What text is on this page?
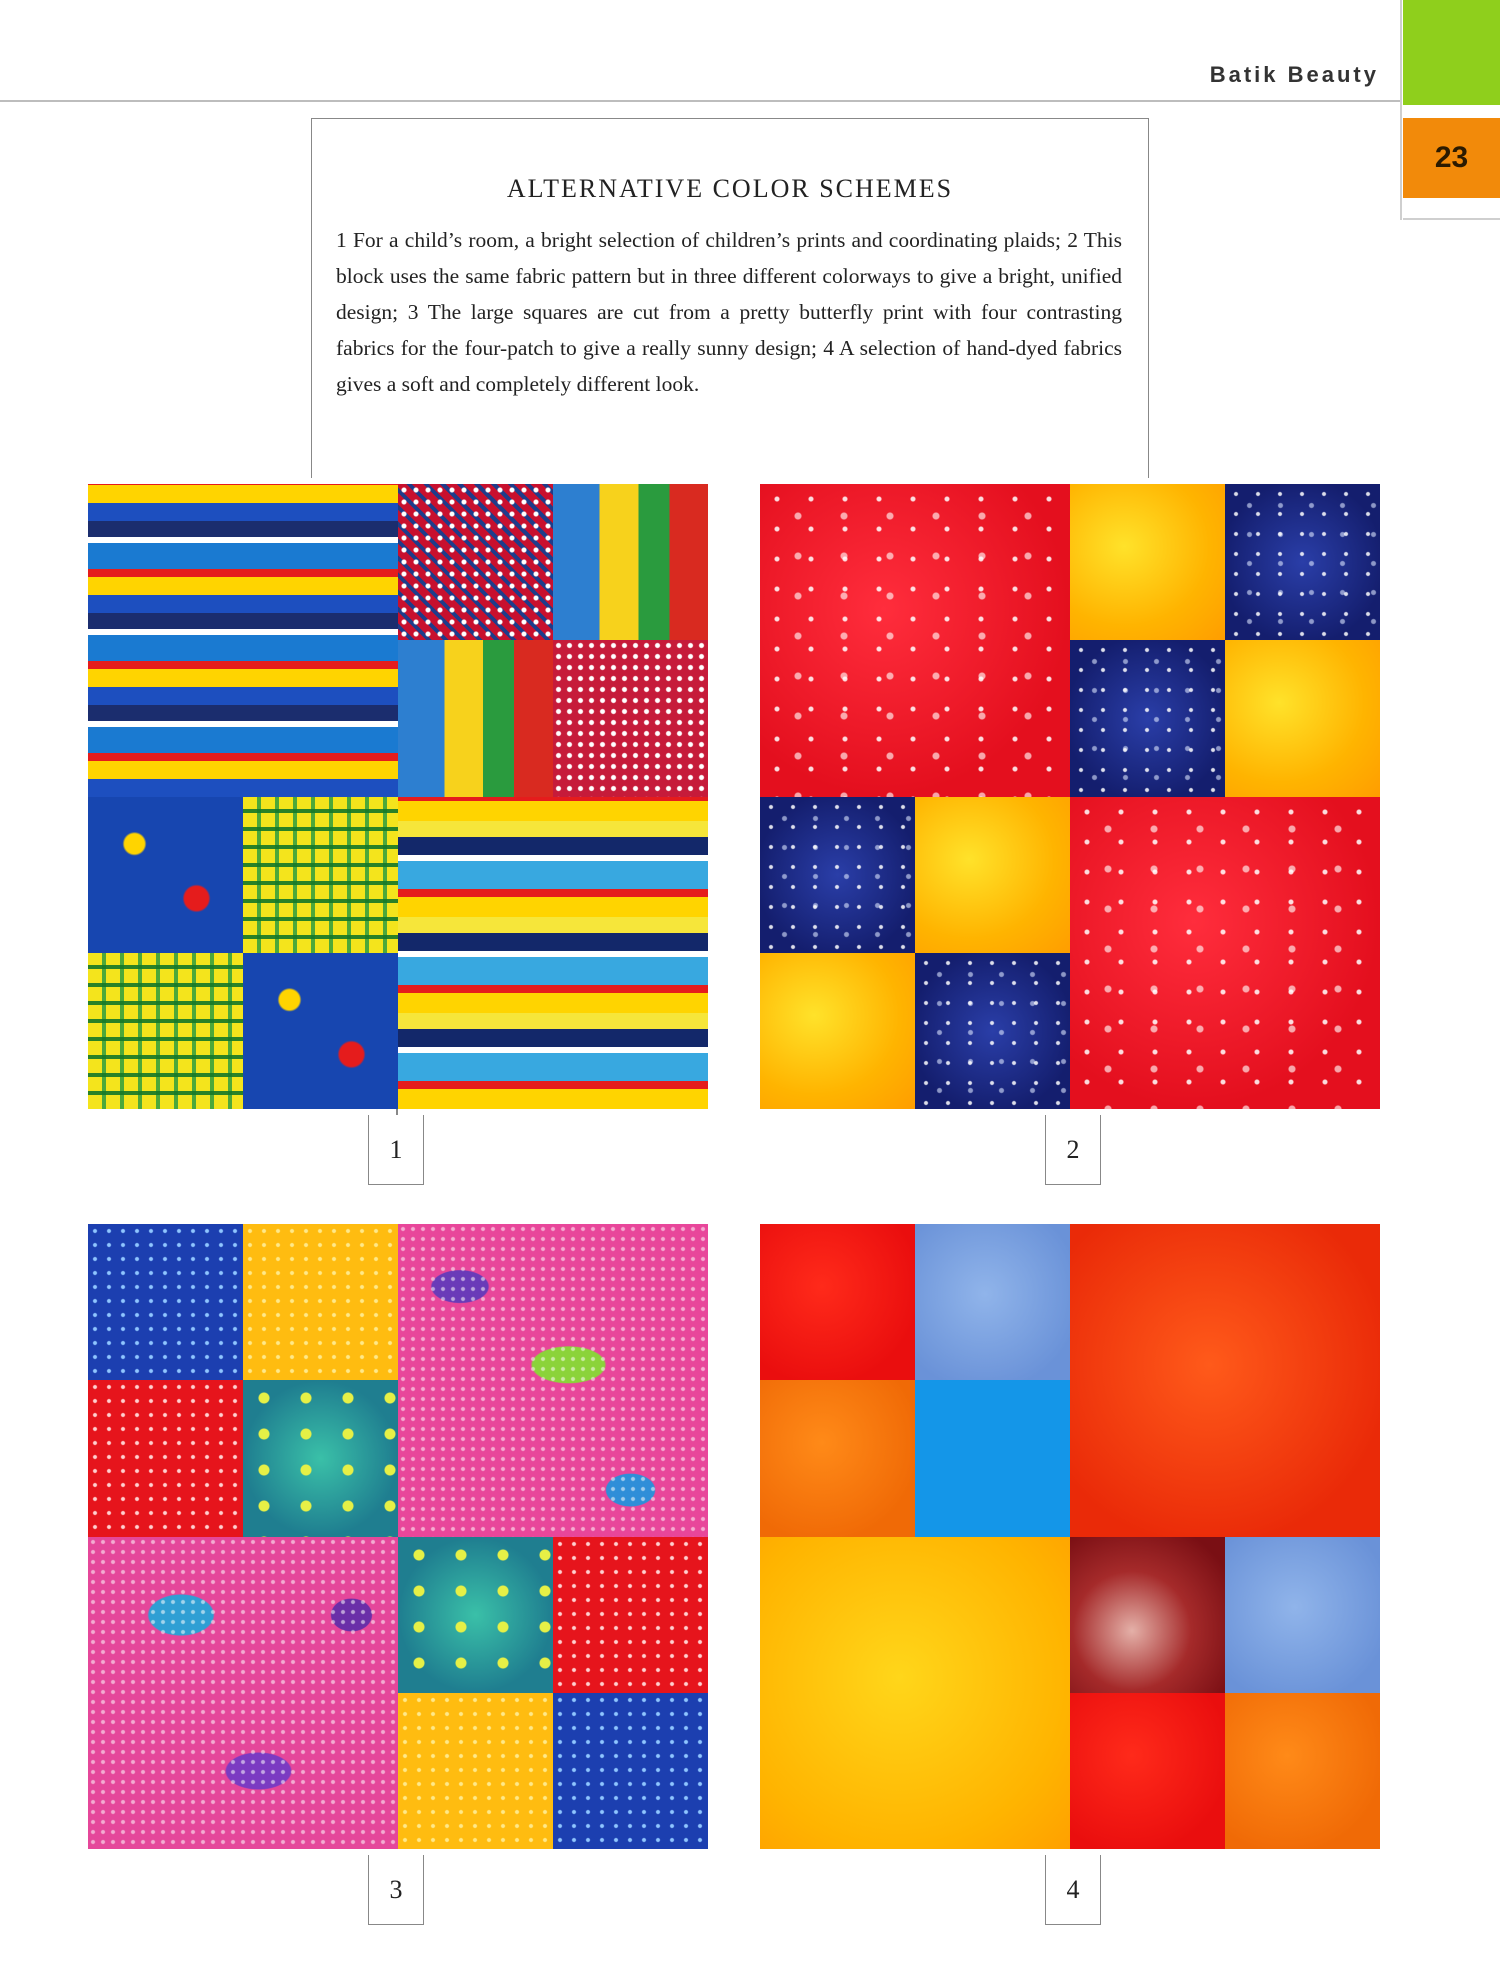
Batik Beauty
23
ALTERNATIVE COLOR SCHEMES

1 For a child’s room, a bright selection of children’s prints and coordinating plaids; 2 This block uses the same fabric pattern but in three different colorways to give a bright, unified design; 3 The large squares are cut from a pretty butterfly print with four contrasting fabrics for the four-patch to give a really sunny design; 4 A selection of hand-dyed fabrics gives a soft and completely different look.

1	2
3	4
